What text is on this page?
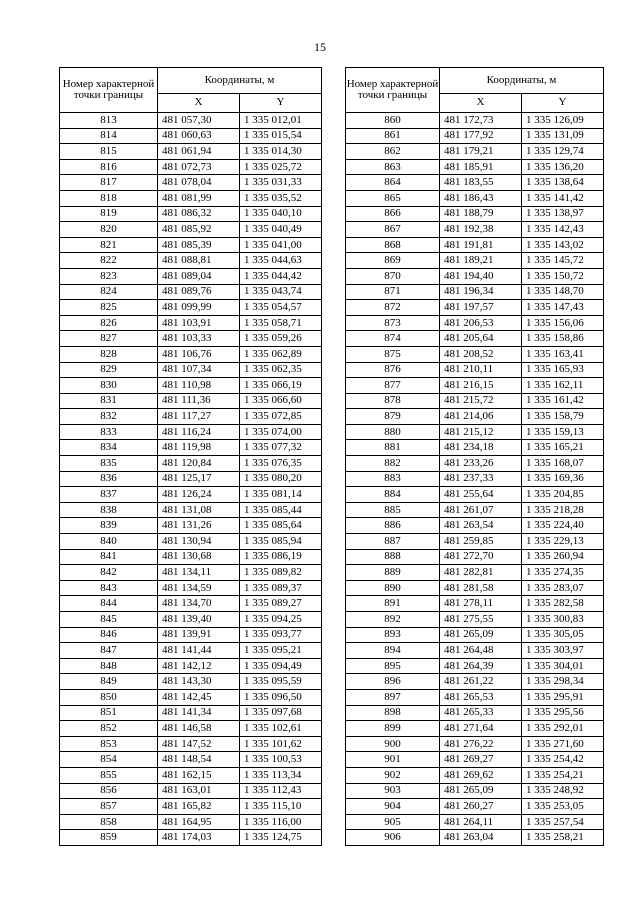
15
Номер характерной точки границы	Координаты, м	
	X	Y
813	481 057,30	1 335 012,01
814	481 060,63	1 335 015,54
815	481 061,94	1 335 014,30
816	481 072,73	1 335 025,72
817	481 078,04	1 335 031,33
818	481 081,99	1 335 035,52
819	481 086,32	1 335 040,10
820	481 085,92	1 335 040,49
821	481 085,39	1 335 041,00
822	481 088,81	1 335 044,63
823	481 089,04	1 335 044,42
824	481 089,76	1 335 043,74
825	481 099,99	1 335 054,57
826	481 103,91	1 335 058,71
827	481 103,33	1 335 059,26
828	481 106,76	1 335 062,89
829	481 107,34	1 335 062,35
830	481 110,98	1 335 066,19
831	481 111,36	1 335 066,60
832	481 117,27	1 335 072,85
833	481 116,24	1 335 074,00
834	481 119,98	1 335 077,32
835	481 120,84	1 335 076,35
836	481 125,17	1 335 080,20
837	481 126,24	1 335 081,14
838	481 131,08	1 335 085,44
839	481 131,26	1 335 085,64
840	481 130,94	1 335 085,94
841	481 130,68	1 335 086,19
842	481 134,11	1 335 089,82
843	481 134,59	1 335 089,37
844	481 134,70	1 335 089,27
845	481 139,40	1 335 094,25
846	481 139,91	1 335 093,77
847	481 141,44	1 335 095,21
848	481 142,12	1 335 094,49
849	481 143,30	1 335 095,59
850	481 142,45	1 335 096,50
851	481 141,34	1 335 097,68
852	481 146,58	1 335 102,61
853	481 147,52	1 335 101,62
854	481 148,54	1 335 100,53
855	481 162,15	1 335 113,34
856	481 163,01	1 335 112,43
857	481 165,82	1 335 115,10
858	481 164,95	1 335 116,00
859	481 174,03	1 335 124,75
Номер характерной точки границы	Координаты, м	
	X	Y
860	481 172,73	1 335 126,09
861	481 177,92	1 335 131,09
862	481 179,21	1 335 129,74
863	481 185,91	1 335 136,20
864	481 183,55	1 335 138,64
865	481 186,43	1 335 141,42
866	481 188,79	1 335 138,97
867	481 192,38	1 335 142,43
868	481 191,81	1 335 143,02
869	481 189,21	1 335 145,72
870	481 194,40	1 335 150,72
871	481 196,34	1 335 148,70
872	481 197,57	1 335 147,43
873	481 206,53	1 335 156,06
874	481 205,64	1 335 158,86
875	481 208,52	1 335 163,41
876	481 210,11	1 335 165,93
877	481 216,15	1 335 162,11
878	481 215,72	1 335 161,42
879	481 214,06	1 335 158,79
880	481 215,12	1 335 159,13
881	481 234,18	1 335 165,21
882	481 233,26	1 335 168,07
883	481 237,33	1 335 169,36
884	481 255,64	1 335 204,85
885	481 261,07	1 335 218,28
886	481 263,54	1 335 224,40
887	481 259,85	1 335 229,13
888	481 272,70	1 335 260,94
889	481 282,81	1 335 274,35
890	481 281,58	1 335 283,07
891	481 278,11	1 335 282,58
892	481 275,55	1 335 300,83
893	481 265,09	1 335 305,05
894	481 264,48	1 335 303,97
895	481 264,39	1 335 304,01
896	481 261,22	1 335 298,34
897	481 265,53	1 335 295,91
898	481 265,33	1 335 295,56
899	481 271,64	1 335 292,01
900	481 276,22	1 335 271,60
901	481 269,27	1 335 254,42
902	481 269,62	1 335 254,21
903	481 265,09	1 335 248,92
904	481 260,27	1 335 253,05
905	481 264,11	1 335 257,54
906	481 263,04	1 335 258,21
